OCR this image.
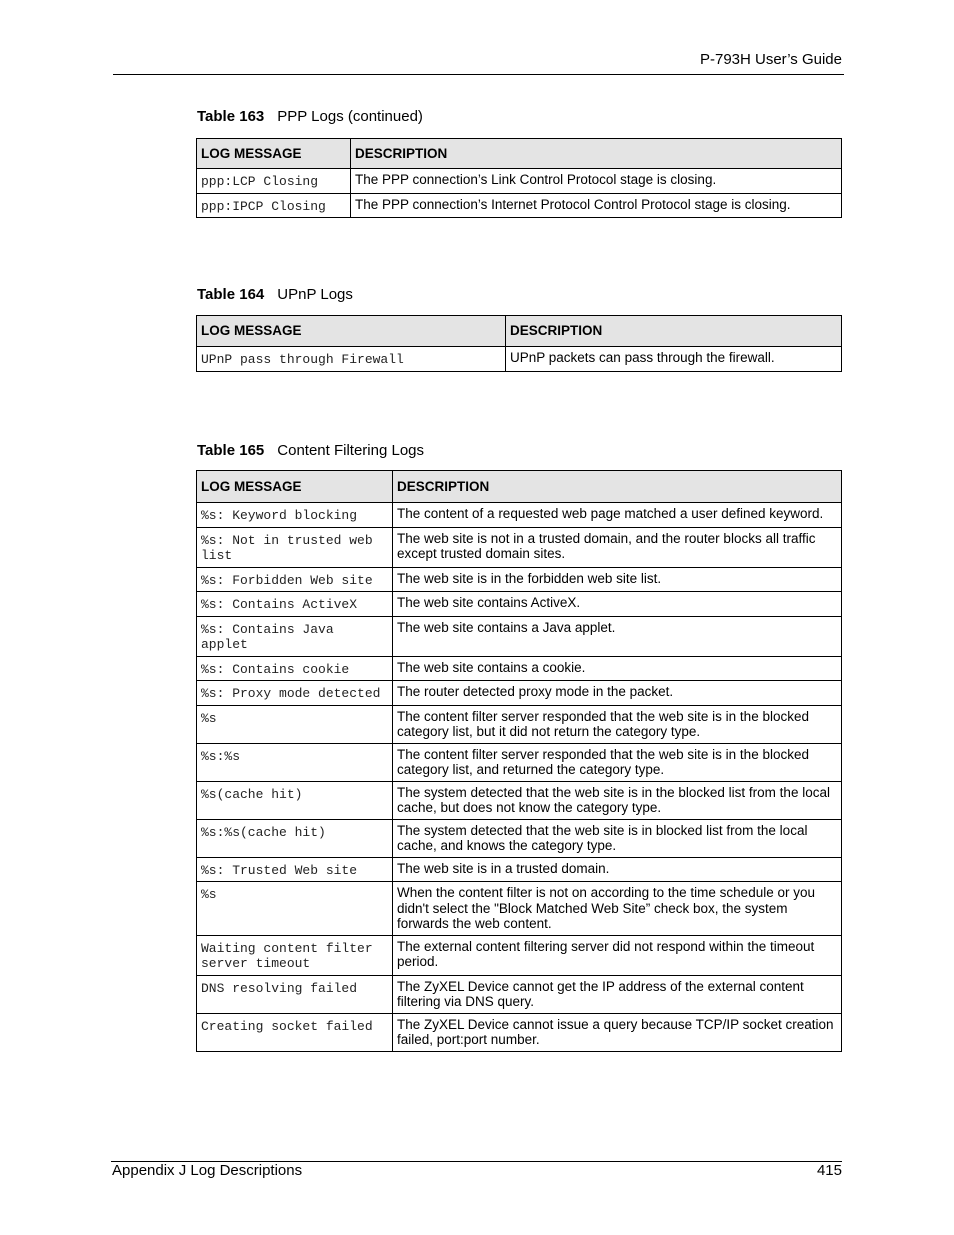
P-793H User’s Guide
Table 163 PPP Logs (continued)
LOG MESSAGE	DESCRIPTION
ppp:LCP Closing	The PPP connection’s Link Control Protocol stage is closing.
ppp:IPCP Closing	The PPP connection’s Internet Protocol Control Protocol stage is closing.
Table 164 UPnP Logs
LOG MESSAGE	DESCRIPTION
UPnP pass through Firewall	UPnP packets can pass through the firewall.
Table 165 Content Filtering Logs
LOG MESSAGE	DESCRIPTION
%s: Keyword blocking	The content of a requested web page matched a user defined keyword.
%s: Not in trusted web list	The web site is not in a trusted domain, and the router blocks all traffic except trusted domain sites.
%s: Forbidden Web site	The web site is in the forbidden web site list.
%s: Contains ActiveX	The web site contains ActiveX.
%s: Contains Java applet	The web site contains a Java applet.
%s: Contains cookie	The web site contains a cookie.
%s: Proxy mode detected	The router detected proxy mode in the packet.
%s	The content filter server responded that the web site is in the blocked category list, but it did not return the category type.
%s:%s	The content filter server responded that the web site is in the blocked category list, and returned the category type.
%s(cache hit)	The system detected that the web site is in the blocked list from the local cache, but does not know the category type.
%s:%s(cache hit)	The system detected that the web site is in blocked list from the local cache, and knows the category type.
%s: Trusted Web site	The web site is in a trusted domain.
%s	When the content filter is not on according to the time schedule or you didn't select the "Block Matched Web Site” check box, the system forwards the web content.
Waiting content filter server timeout	The external content filtering server did not respond within the timeout period.
DNS resolving failed	The ZyXEL Device cannot get the IP address of the external content filtering via DNS query.
Creating socket failed	The ZyXEL Device cannot issue a query because TCP/IP socket creation failed, port:port number.
Appendix J Log Descriptions	415
